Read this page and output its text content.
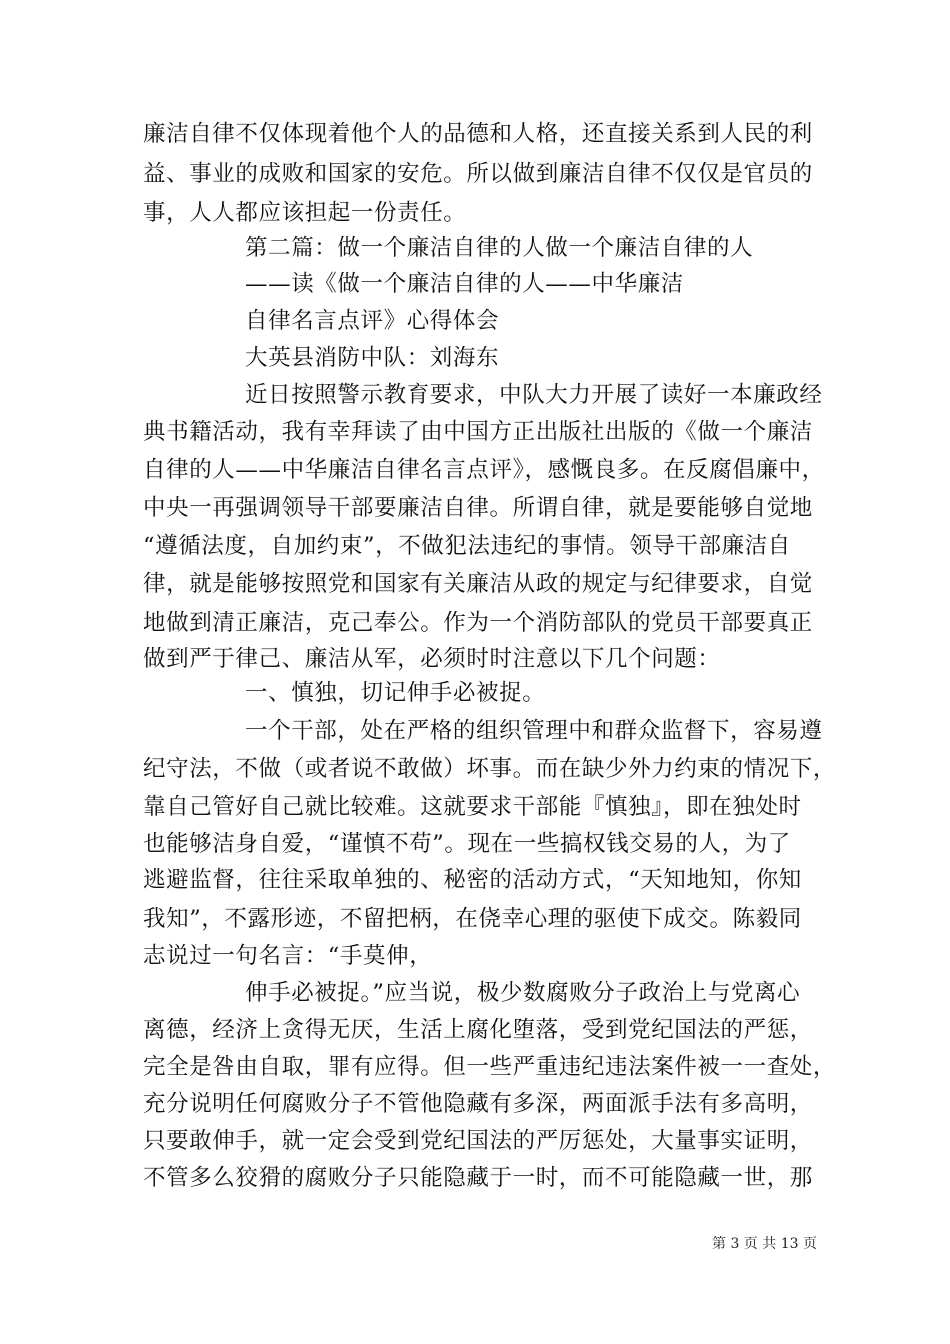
廉洁自律不仅体现着他个人的品德和人格，还直接关系到人民的利
益、事业的成败和国家的安危。所以做到廉洁自律不仅仅是官员的
事，人人都应该担起一份责任。
第二篇：做一个廉洁自律的人做一个廉洁自律的人
——读《做一个廉洁自律的人——中华廉洁
自律名言点评》心得体会
大英县消防中队：刘海东
近日按照警示教育要求，中队大力开展了读好一本廉政经
典书籍活动，我有幸拜读了由中国方正出版社出版的《做一个廉洁
自律的人——中华廉洁自律名言点评》，感慨良多。在反腐倡廉中，
中央一再强调领导干部要廉洁自律。所谓自律，就是要能够自觉地
“遵循法度，自加约束”，不做犯法违纪的事情。领导干部廉洁自
律，就是能够按照党和国家有关廉洁从政的规定与纪律要求，自觉
地做到清正廉洁，克己奉公。作为一个消防部队的党员干部要真正
做到严于律己、廉洁从军，必须时时注意以下几个问题：
一、慎独，切记伸手必被捉。
一个干部，处在严格的组织管理中和群众监督下，容易遵
纪守法，不做（或者说不敢做）坏事。而在缺少外力约束的情况下，
靠自己管好自己就比较难。这就要求干部能『慎独』，即在独处时
也能够洁身自爱，“谨慎不苟”。现在一些搞权钱交易的人，为了
逃避监督，往往采取单独的、秘密的活动方式，“天知地知，你知
我知”，不露形迹，不留把柄，在侥幸心理的驱使下成交。陈毅同
志说过一句名言：“手莫伸，
伸手必被捉。”应当说，极少数腐败分子政治上与党离心
离德，经济上贪得无厌，生活上腐化堕落，受到党纪国法的严惩，
完全是咎由自取，罪有应得。但一些严重违纪违法案件被一一查处，
充分说明任何腐败分子不管他隐藏有多深，两面派手法有多高明，
只要敢伸手，就一定会受到党纪国法的严厉惩处，大量事实证明，
不管多么狡猾的腐败分子只能隐藏于一时，而不可能隐藏一世，那
第 3 页 共 13 页
